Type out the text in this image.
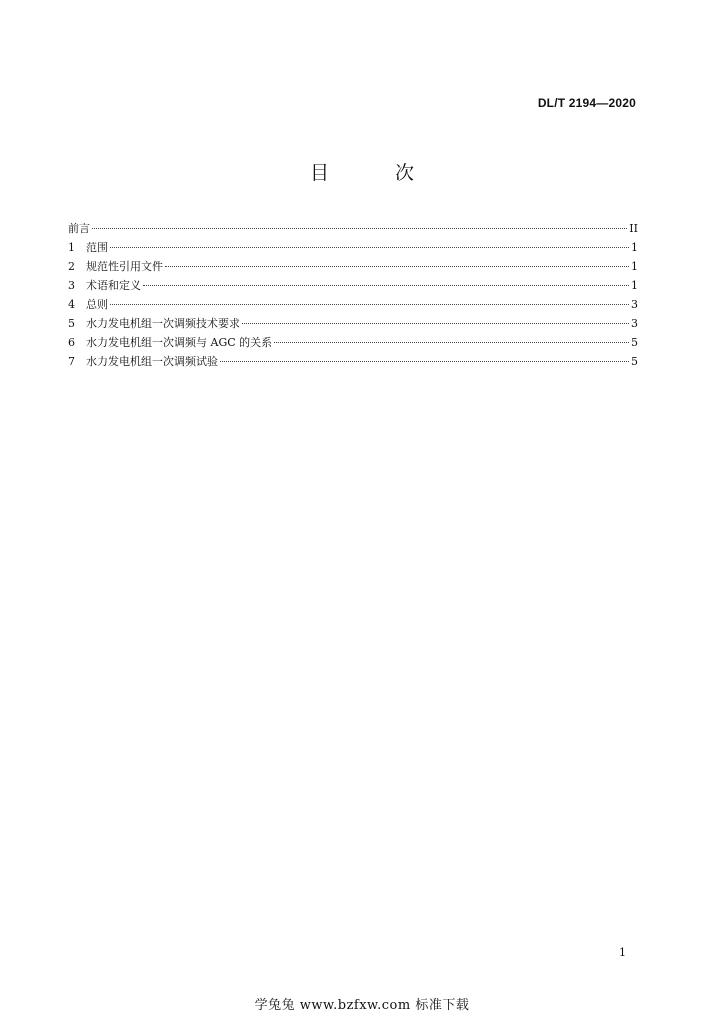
DL/T 2194—2020
目 次
前言	II
1	范围	1
2	规范性引用文件	1
3	术语和定义	1
4	总则	3
5	水力发电机组一次调频技术要求	3
6	水力发电机组一次调频与 AGC 的关系	5
7	水力发电机组一次调频试验	5
1
学兔兔 www.bzfxw.com 标准下载
